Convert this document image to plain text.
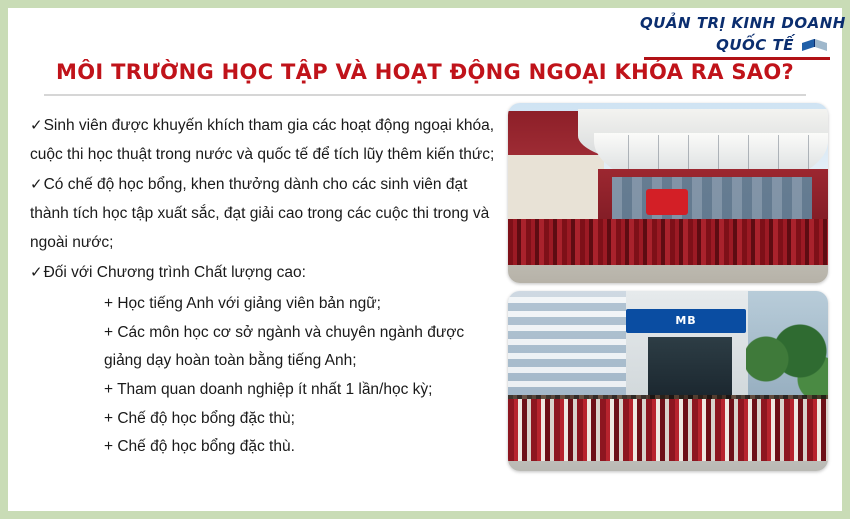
QUẢN TRỊ KINH DOANH
QUỐC TẾ
MÔI TRƯỜNG HỌC TẬP VÀ HOẠT ĐỘNG NGOẠI KHÓA RA SAO?
✓Sinh viên được khuyến khích tham gia các hoạt động ngoại khóa, cuộc thi học thuật trong nước và quốc tế để tích lũy thêm kiến thức;
✓Có chế độ học bổng, khen thưởng dành cho các sinh viên đạt thành tích học tập xuất sắc, đạt giải cao trong các cuộc thi trong và ngoài nước;
✓Đối với Chương trình Chất lượng cao:
+ Học tiếng Anh với giảng viên bản ngữ;
+ Các môn học cơ sở ngành và chuyên ngành được giảng dạy hoàn toàn bằng tiếng Anh;
+ Tham quan doanh nghiệp ít nhất 1 lần/học kỳ;
+ Chế độ học bổng đặc thù;
+ Chế độ học bổng đặc thù.
MB
